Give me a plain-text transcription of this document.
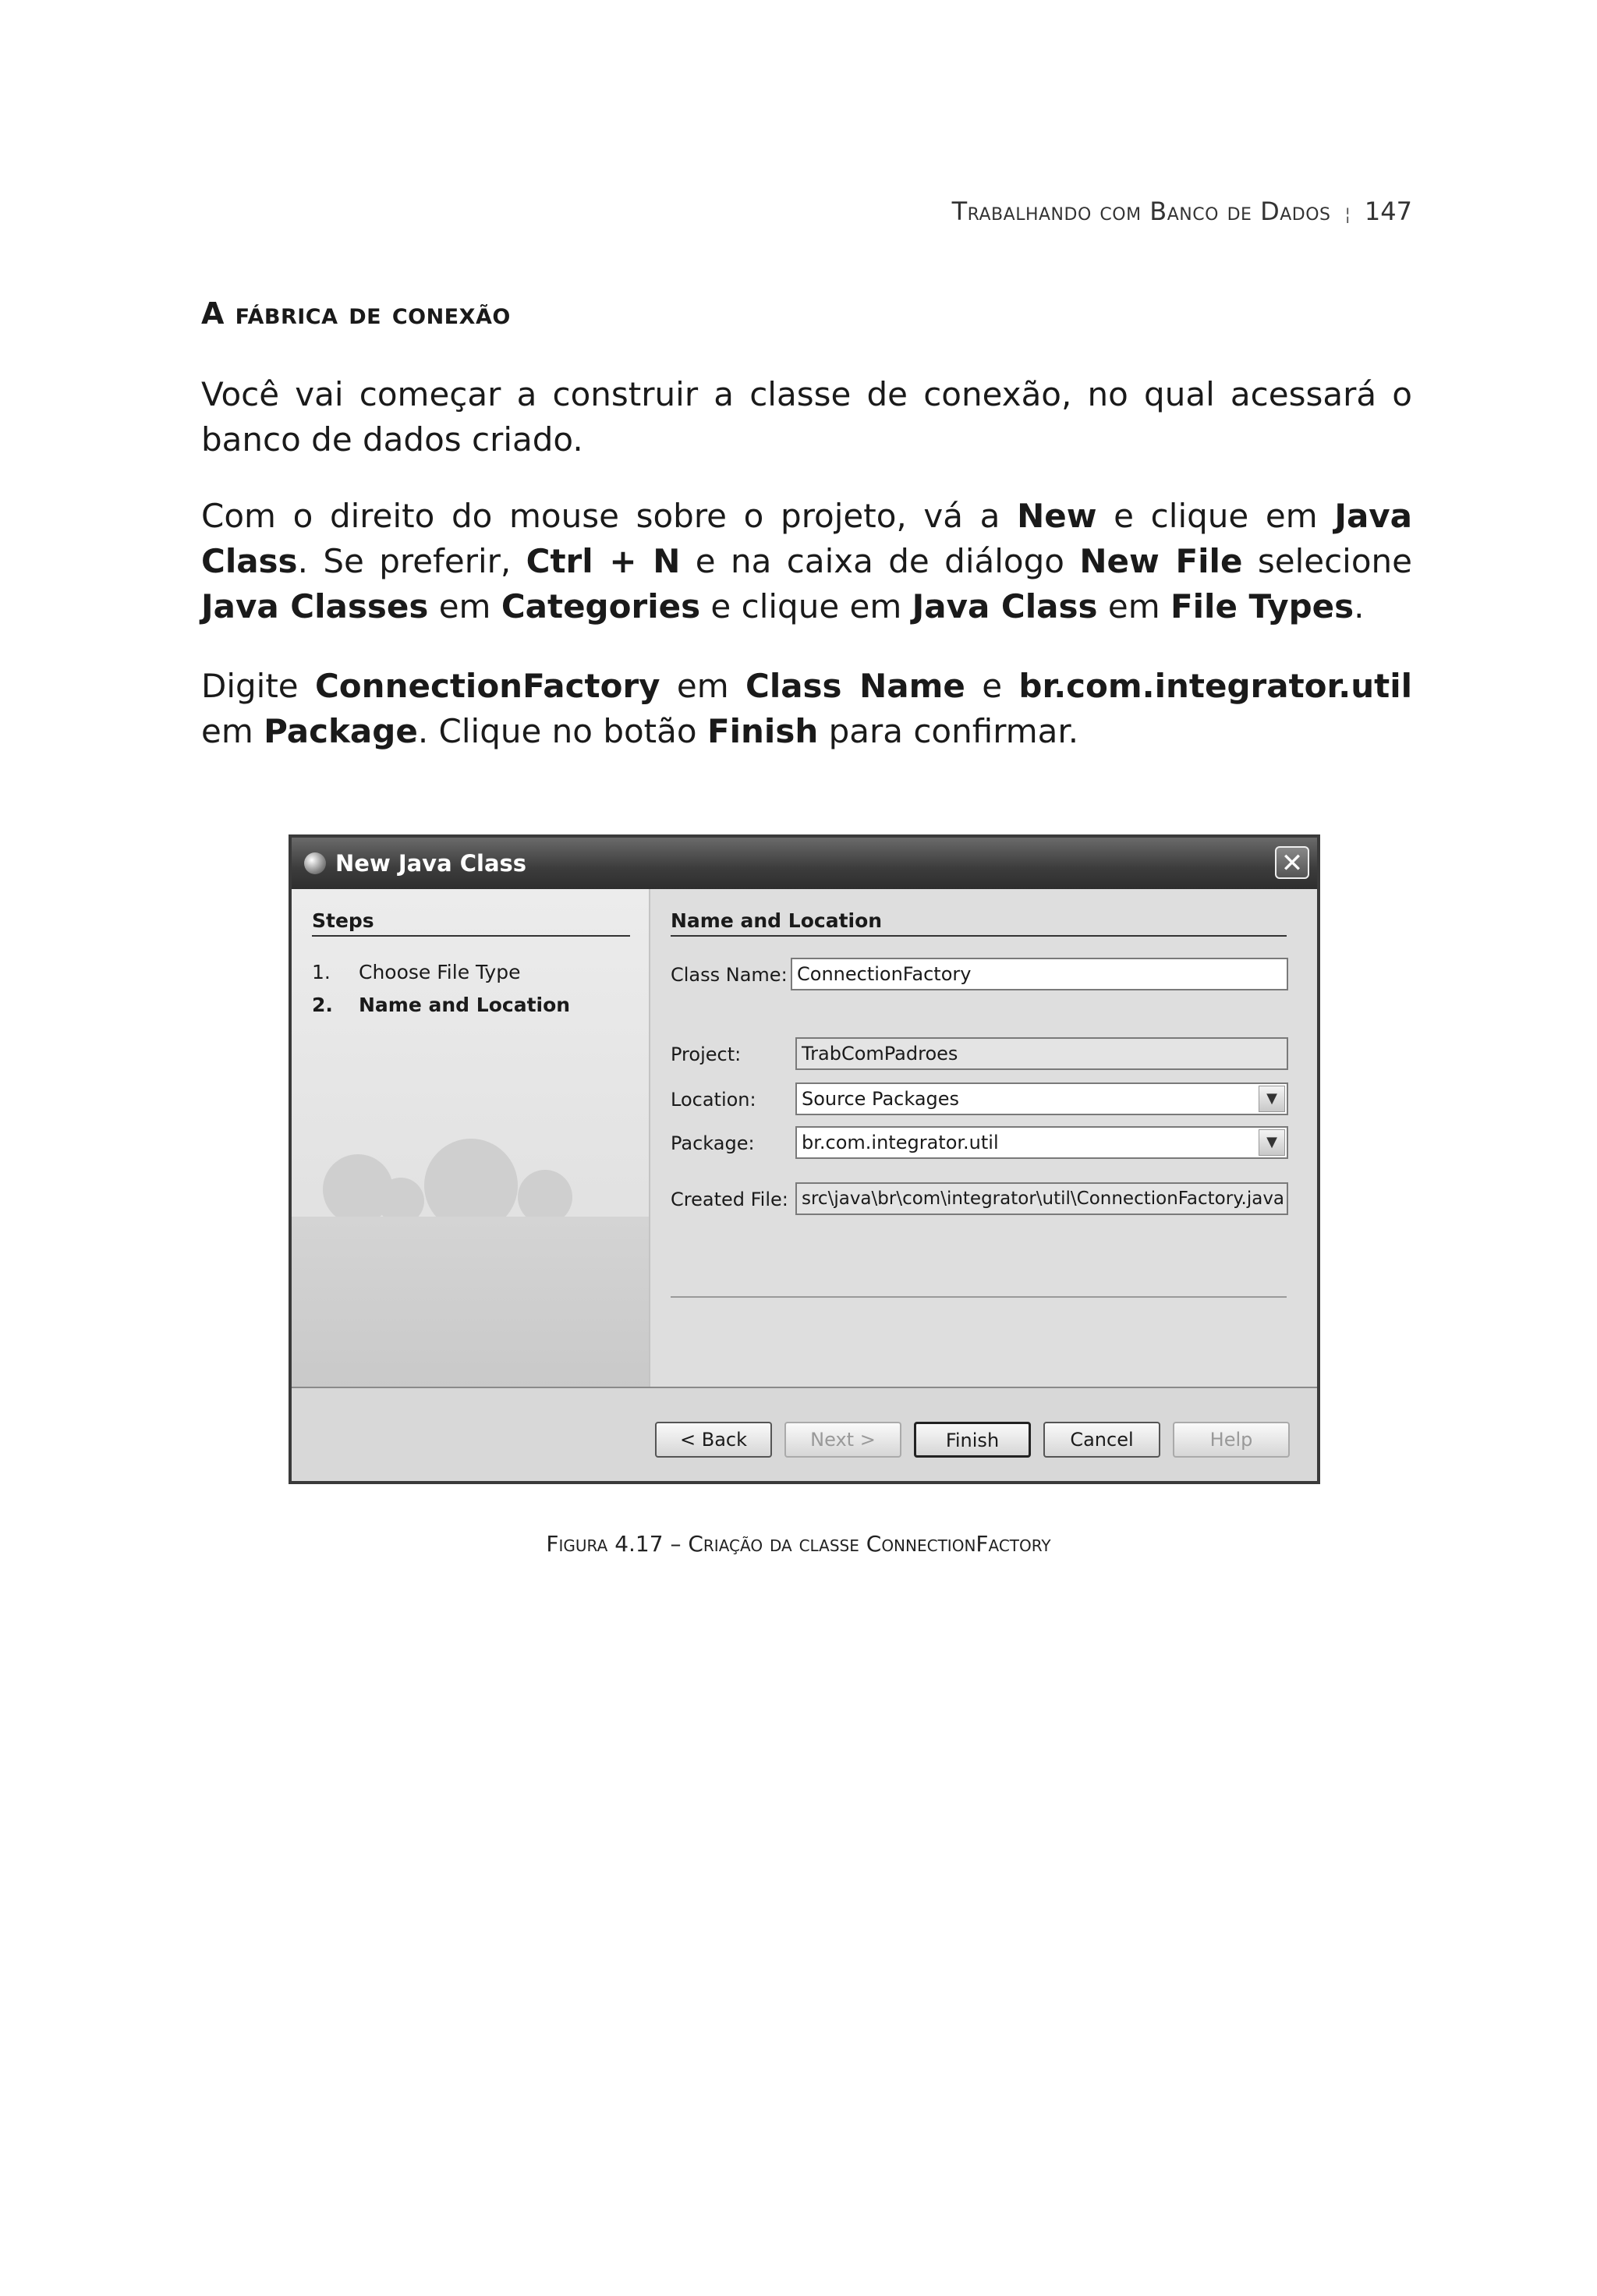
Trabalhando com Banco de Dados ¦ 147
A fábrica de conexão

Você vai começar a construir a classe de conexão, no qual acessará o banco de dados criado.

Com o direito do mouse sobre o projeto, vá a New e clique em Java Class. Se preferir, Ctrl + N e na caixa de diálogo New File selecione Java Classes em Categories e clique em Java Class em File Types.

Digite ConnectionFactory em Class Name e br.com.integrator.util em Package. Clique no botão Finish para confirmar.

New Java Class	✕
Steps
1. Choose File Type
2. Name and Location
Name and Location
Class Name: ConnectionFactory
Project:	TrabComPadroes
Location:	Source Packages	▼
Package:	br.com.integrator.util	▼
Created File: src\java\br\com\integrator\util\ConnectionFactory.java
< Back	Next >	Finish	Cancel	Help
Figura 4.17 – Criação da classe ConnectionFactory
